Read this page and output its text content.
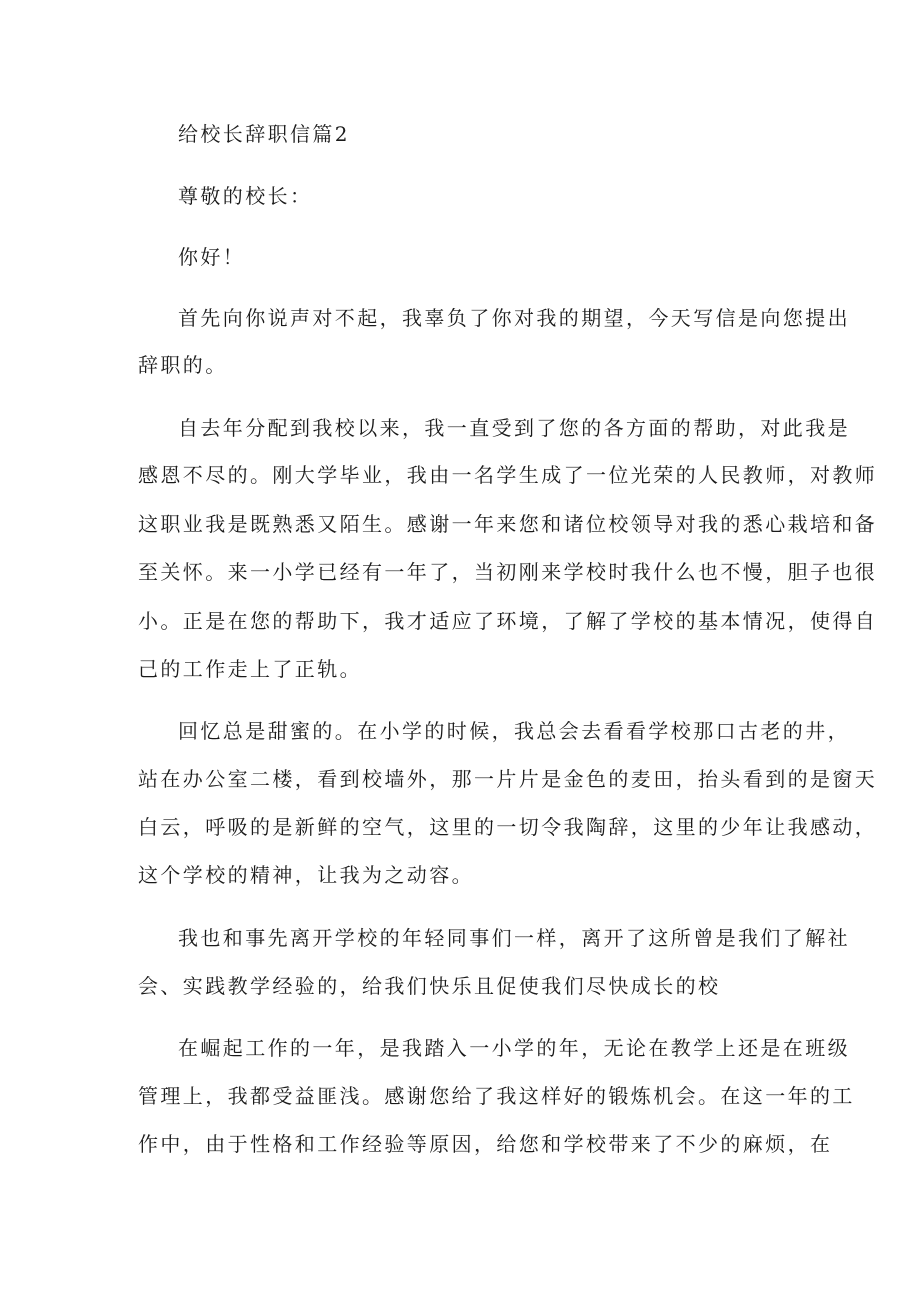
给校长辞职信篇2

尊敬的校长：

你好！

首先向你说声对不起，我辜负了你对我的期望，今天写信是向您提出

辞职的。

自去年分配到我校以来，我一直受到了您的各方面的帮助，对此我是

感恩不尽的。刚大学毕业，我由一名学生成了一位光荣的人民教师，对教师

这职业我是既熟悉又陌生。感谢一年来您和诸位校领导对我的悉心栽培和备

至关怀。来一小学已经有一年了，当初刚来学校时我什么也不慢，胆子也很

小。正是在您的帮助下，我才适应了环境，了解了学校的基本情况，使得自

己的工作走上了正轨。

回忆总是甜蜜的。在小学的时候，我总会去看看学校那口古老的井，

站在办公室二楼，看到校墙外，那一片片是金色的麦田，抬头看到的是窗天

白云，呼吸的是新鲜的空气，这里的一切令我陶辞，这里的少年让我感动，

这个学校的精神，让我为之动容。

我也和事先离开学校的年轻同事们一样，离开了这所曾是我们了解社

会、实践教学经验的，给我们快乐且促使我们尽快成长的校

在崛起工作的一年，是我踏入一小学的年，无论在教学上还是在班级

管理上，我都受益匪浅。感谢您给了我这样好的锻炼机会。在这一年的工

作中，由于性格和工作经验等原因，给您和学校带来了不少的麻烦，在
